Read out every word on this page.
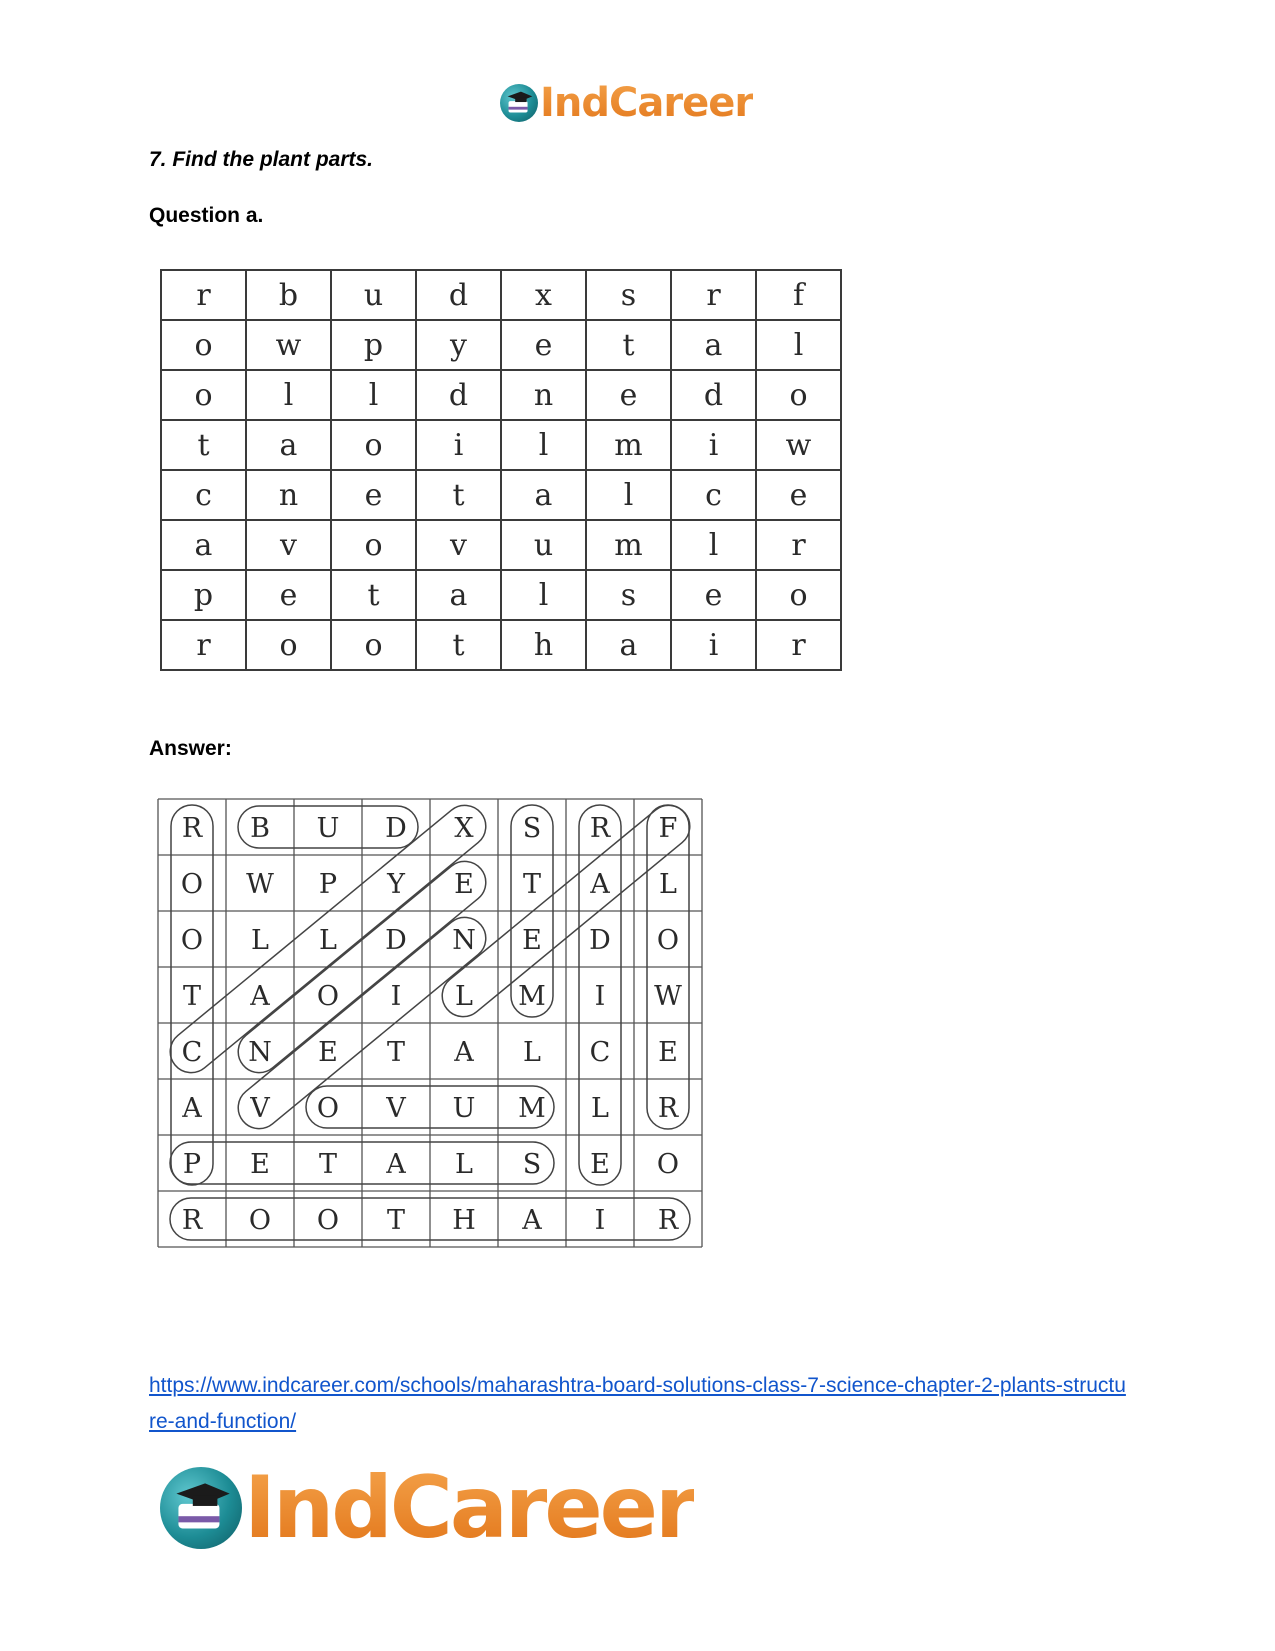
IndCareer
7. Find the plant parts.
Question a.
r	b	u	d	x	s	r	f
o	w	p	y	e	t	a	l
o	l	l	d	n	e	d	o
t	a	o	i	l	m	i	w
c	n	e	t	a	l	c	e
a	v	o	v	u	m	l	r
p	e	t	a	l	s	e	o
r	o	o	t	h	a	i	r
Answer:
R B U D X S R F
O W P Y E T A L
O L L D N E D O
T A O I L M I W
C N E T A L C E
A V O V U M L R
P E T A L S E O
R O O T H A I R
https://www.indcareer.com/schools/maharashtra-board-solutions-class-7-science-chapter-2-plants-structure-and-function/
IndCareer
